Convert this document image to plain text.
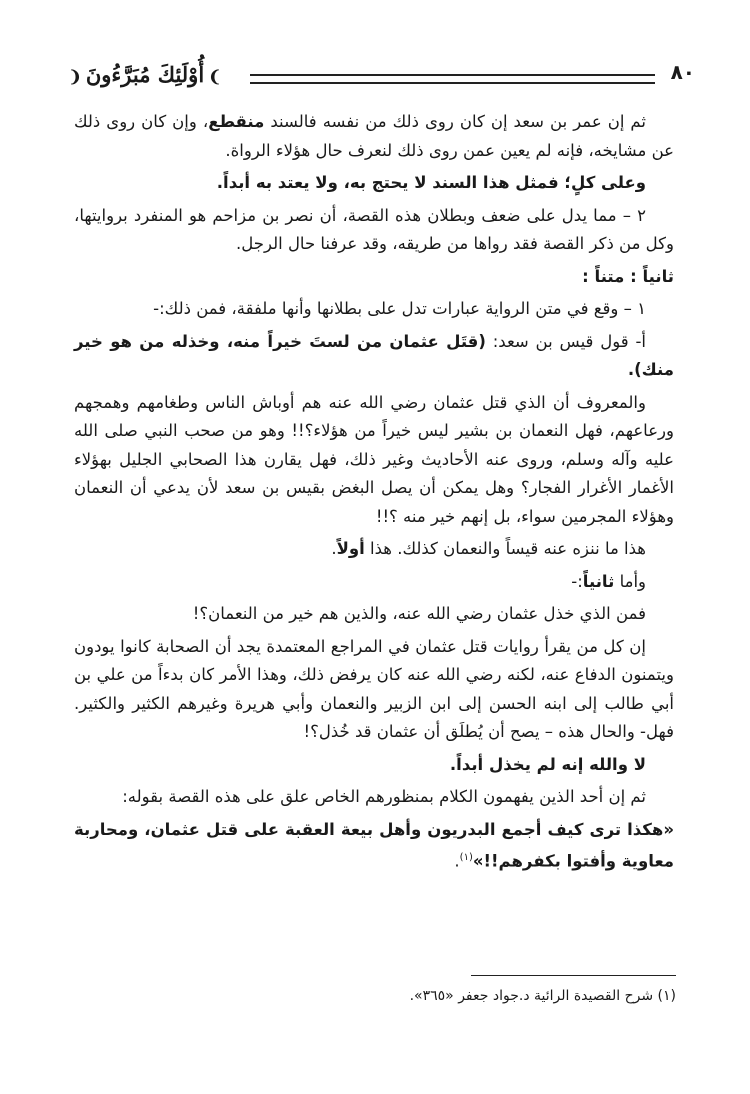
٨٠
❩أُوْلَئِكَ مُبَرَّءُونَ❨

ثم إن عمر بن سعد إن كان روى ذلك من نفسه فالسند منقطع، وإن كان روى ذلك عن مشايخه، فإنه لم يعين عمن روى ذلك لنعرف حال هؤلاء الرواة.

وعلى كلٍ؛ فمثل هذا السند لا يحتج به، ولا يعتد به أبداً.

٢ – مما يدل على ضعف وبطلان هذه القصة، أن نصر بن مزاحم هو المنفرد بروايتها، وكل من ذكر القصة فقد رواها من طريقه، وقد عرفنا حال الرجل.

ثانياً : متناً :

١ – وقع في متن الرواية عبارات تدل على بطلانها وأنها ملفقة، فمن ذلك:-

أ- قول قيس بن سعد: (قتَل عثمان من لستَ خيراً منه، وخذله من هو خير منك).

والمعروف أن الذي قتل عثمان رضي الله عنه هم أوباش الناس وطغامهم وهمجهم ورعاعهم، فهل النعمان بن بشير ليس خيراً من هؤلاء؟!! وهو من صحب النبي صلى الله عليه وآله وسلم، وروى عنه الأحاديث وغير ذلك، فهل يقارن هذا الصحابي الجليل بهؤلاء الأغمار الأغرار الفجار؟ وهل يمكن أن يصل البغض بقيس بن سعد لأن يدعي أن النعمان وهؤلاء المجرمين سواء، بل إنهم خير منه ؟!!

هذا ما ننزه عنه قيساً والنعمان كذلك. هذا أولاً.

وأما ثانياً:-

فمن الذي خذل عثمان رضي الله عنه، والذين هم خير من النعمان؟!

إن كل من يقرأ روايات قتل عثمان في المراجع المعتمدة يجد أن الصحابة كانوا يودون ويتمنون الدفاع عنه، لكنه رضي الله عنه كان يرفض ذلك، وهذا الأمر كان بدءاً من علي بن أبي طالب إلى ابنه الحسن إلى ابن الزبير والنعمان وأبي هريرة وغيرهم الكثير والكثير. فهل- والحال هذه – يصح أن يُطلَق أن عثمان قد خُذل؟!

لا والله إنه لم يخذل أبداً.

ثم إن أحد الذين يفهمون الكلام بمنظورهم الخاص علق على هذه القصة بقوله:

«هكذا ترى كيف أجمع البدريون وأهل بيعة العقبة على قتل عثمان، ومحاربة معاوية وأفتوا بكفرهم!!»$^{(١)}$.

(١) شرح القصيدة الرائية د.جواد جعفر «٣٦٥».
